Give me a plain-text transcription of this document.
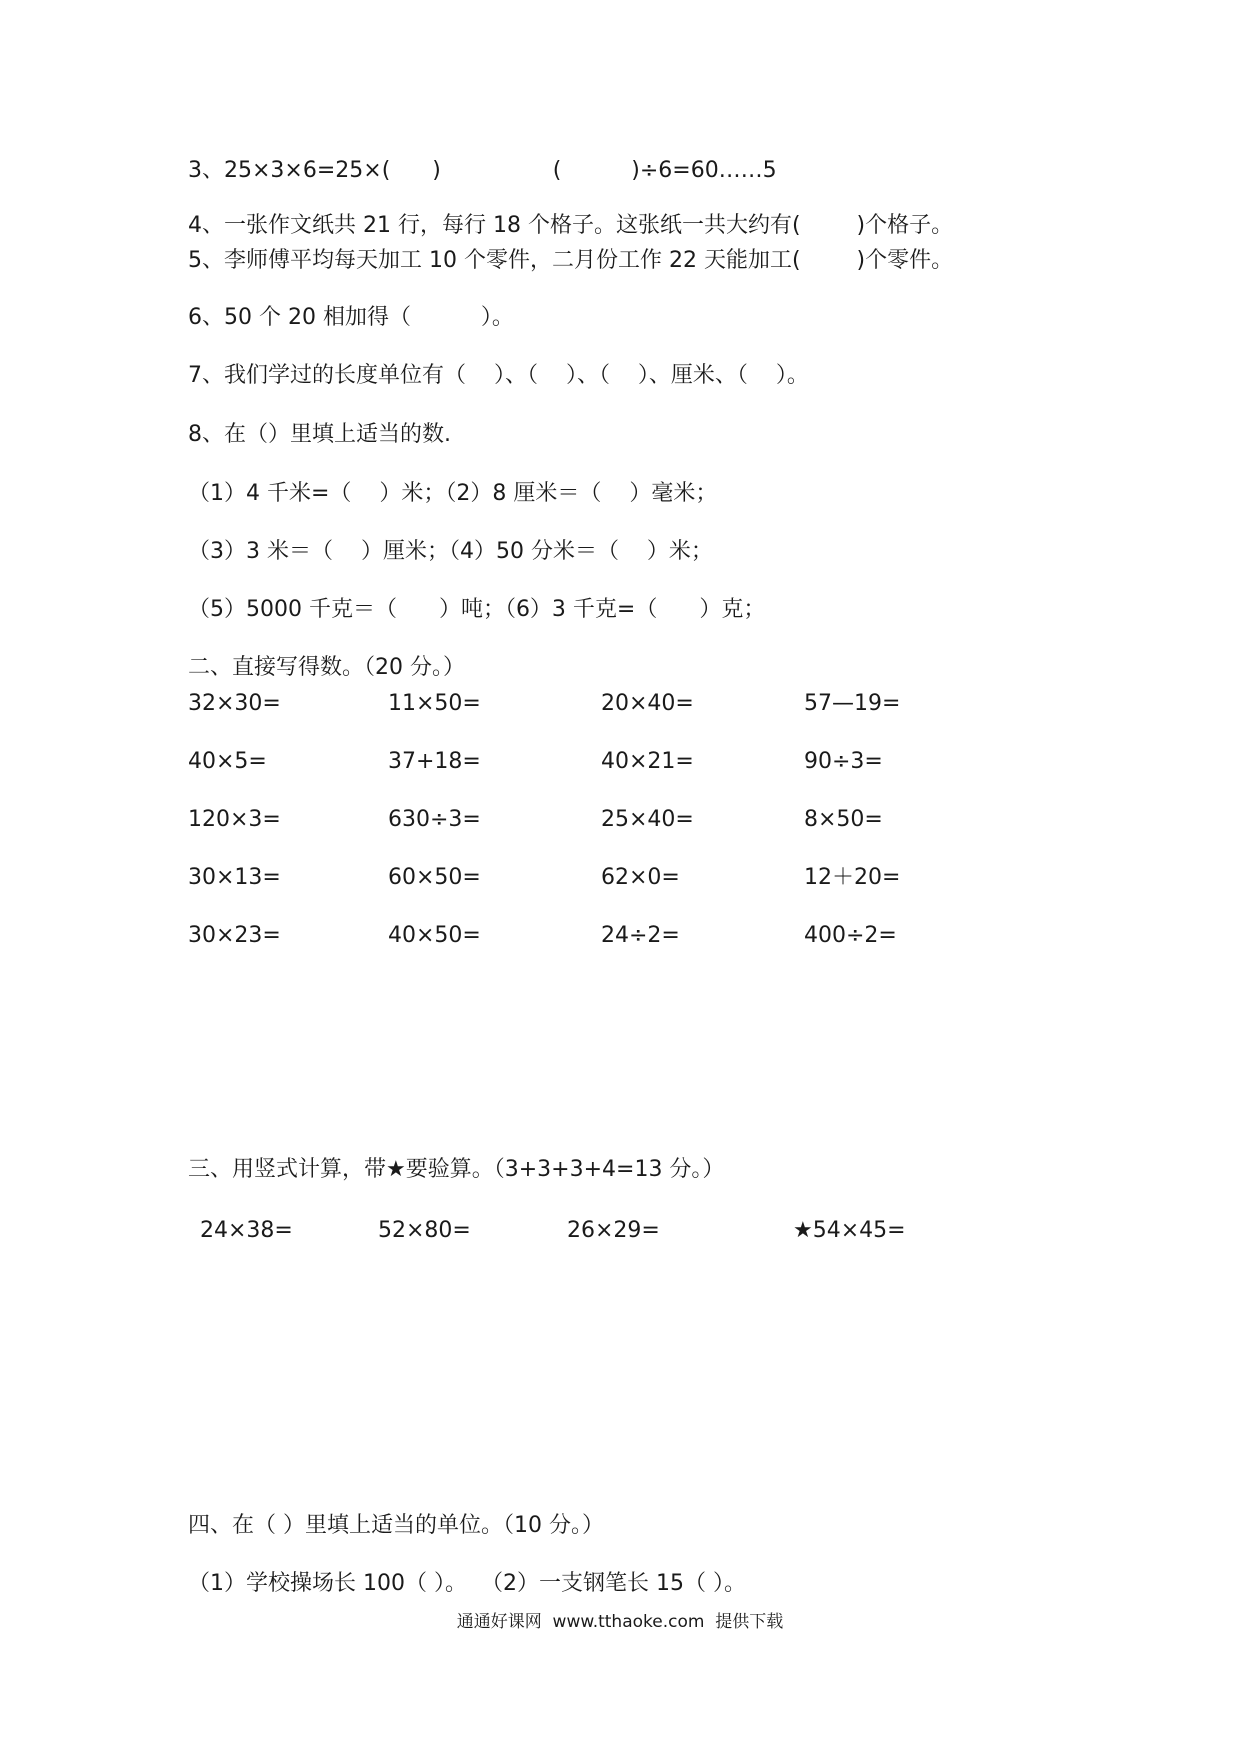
3、25×3×6=25×(      )                (          )÷6=60……5
4、一张作文纸共 21 行，每行 18 个格子。这张纸一共大约有(        )个格子。
5、李师傅平均每天加工 10 个零件，二月份工作 22 天能加工(        )个零件。
6、50 个 20 相加得（          ）。
7、我们学过的长度单位有（    ）、（    ）、（    ）、厘米、（    ）。
8、在（）里填上适当的数.
（1）4 千米=（    ）米；（2）8 厘米＝（    ）毫米；
（3）3 米＝（    ）厘米；（4）50 分米＝（    ）米；
（5）5000 千克＝（      ）吨；（6）3 千克=（      ）克；
二、直接写得数。（20 分。）
32×30=	11×50=	20×40=	57—19=
40×5=	37+18=	40×21=	90÷3=
120×3=	630÷3=	25×40=	8×50=
30×13=	60×50=	62×0=	12＋20=
30×23=	40×50=	24÷2=	400÷2=
三、用竖式计算，带★要验算。（3+3+3+4=13 分。）
24×38=	52×80=	26×29=	★54×45=
四、在（ ）里填上适当的单位。（10 分。）
（1）学校操场长 100（ ）。  （2）一支钢笔长 15（ ）。
通通好课网  www.tthaoke.com  提供下载
